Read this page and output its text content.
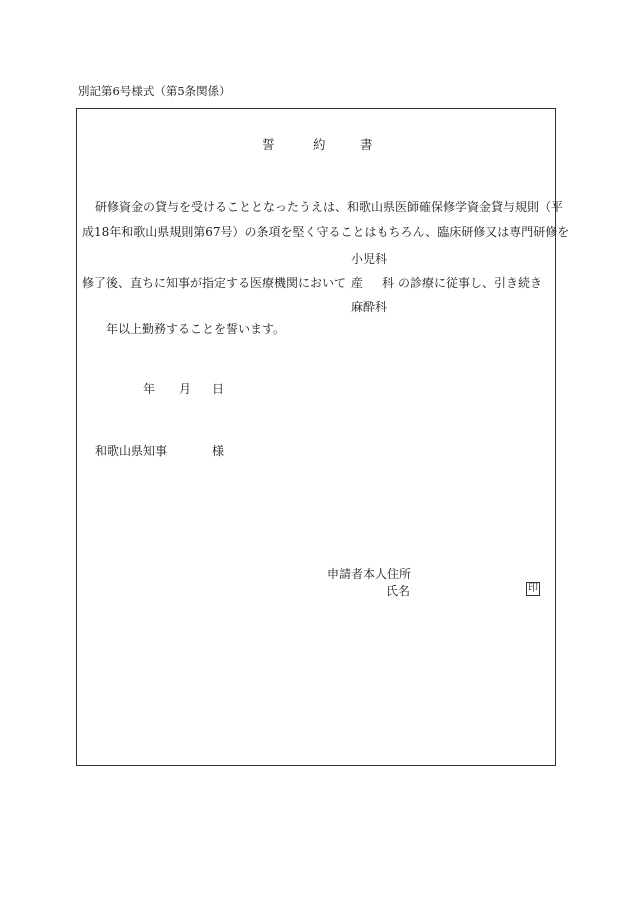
別記第6号様式（第5条関係）
誓	約	書
研修資金の貸与を受けることとなったうえは、和歌山県医師確保修学資金貸与規則（平
成18年和歌山県規則第67号）の条項を堅く守ることはもちろん、臨床研修又は専門研修を
修了後、直ちに知事が指定する医療機関において
小児科
産 科
麻酔科
の診療に従事し、引き続き
年以上勤務することを誓います。
年 月 日
和歌山県知事	様
申請者本人住所
氏名	印
